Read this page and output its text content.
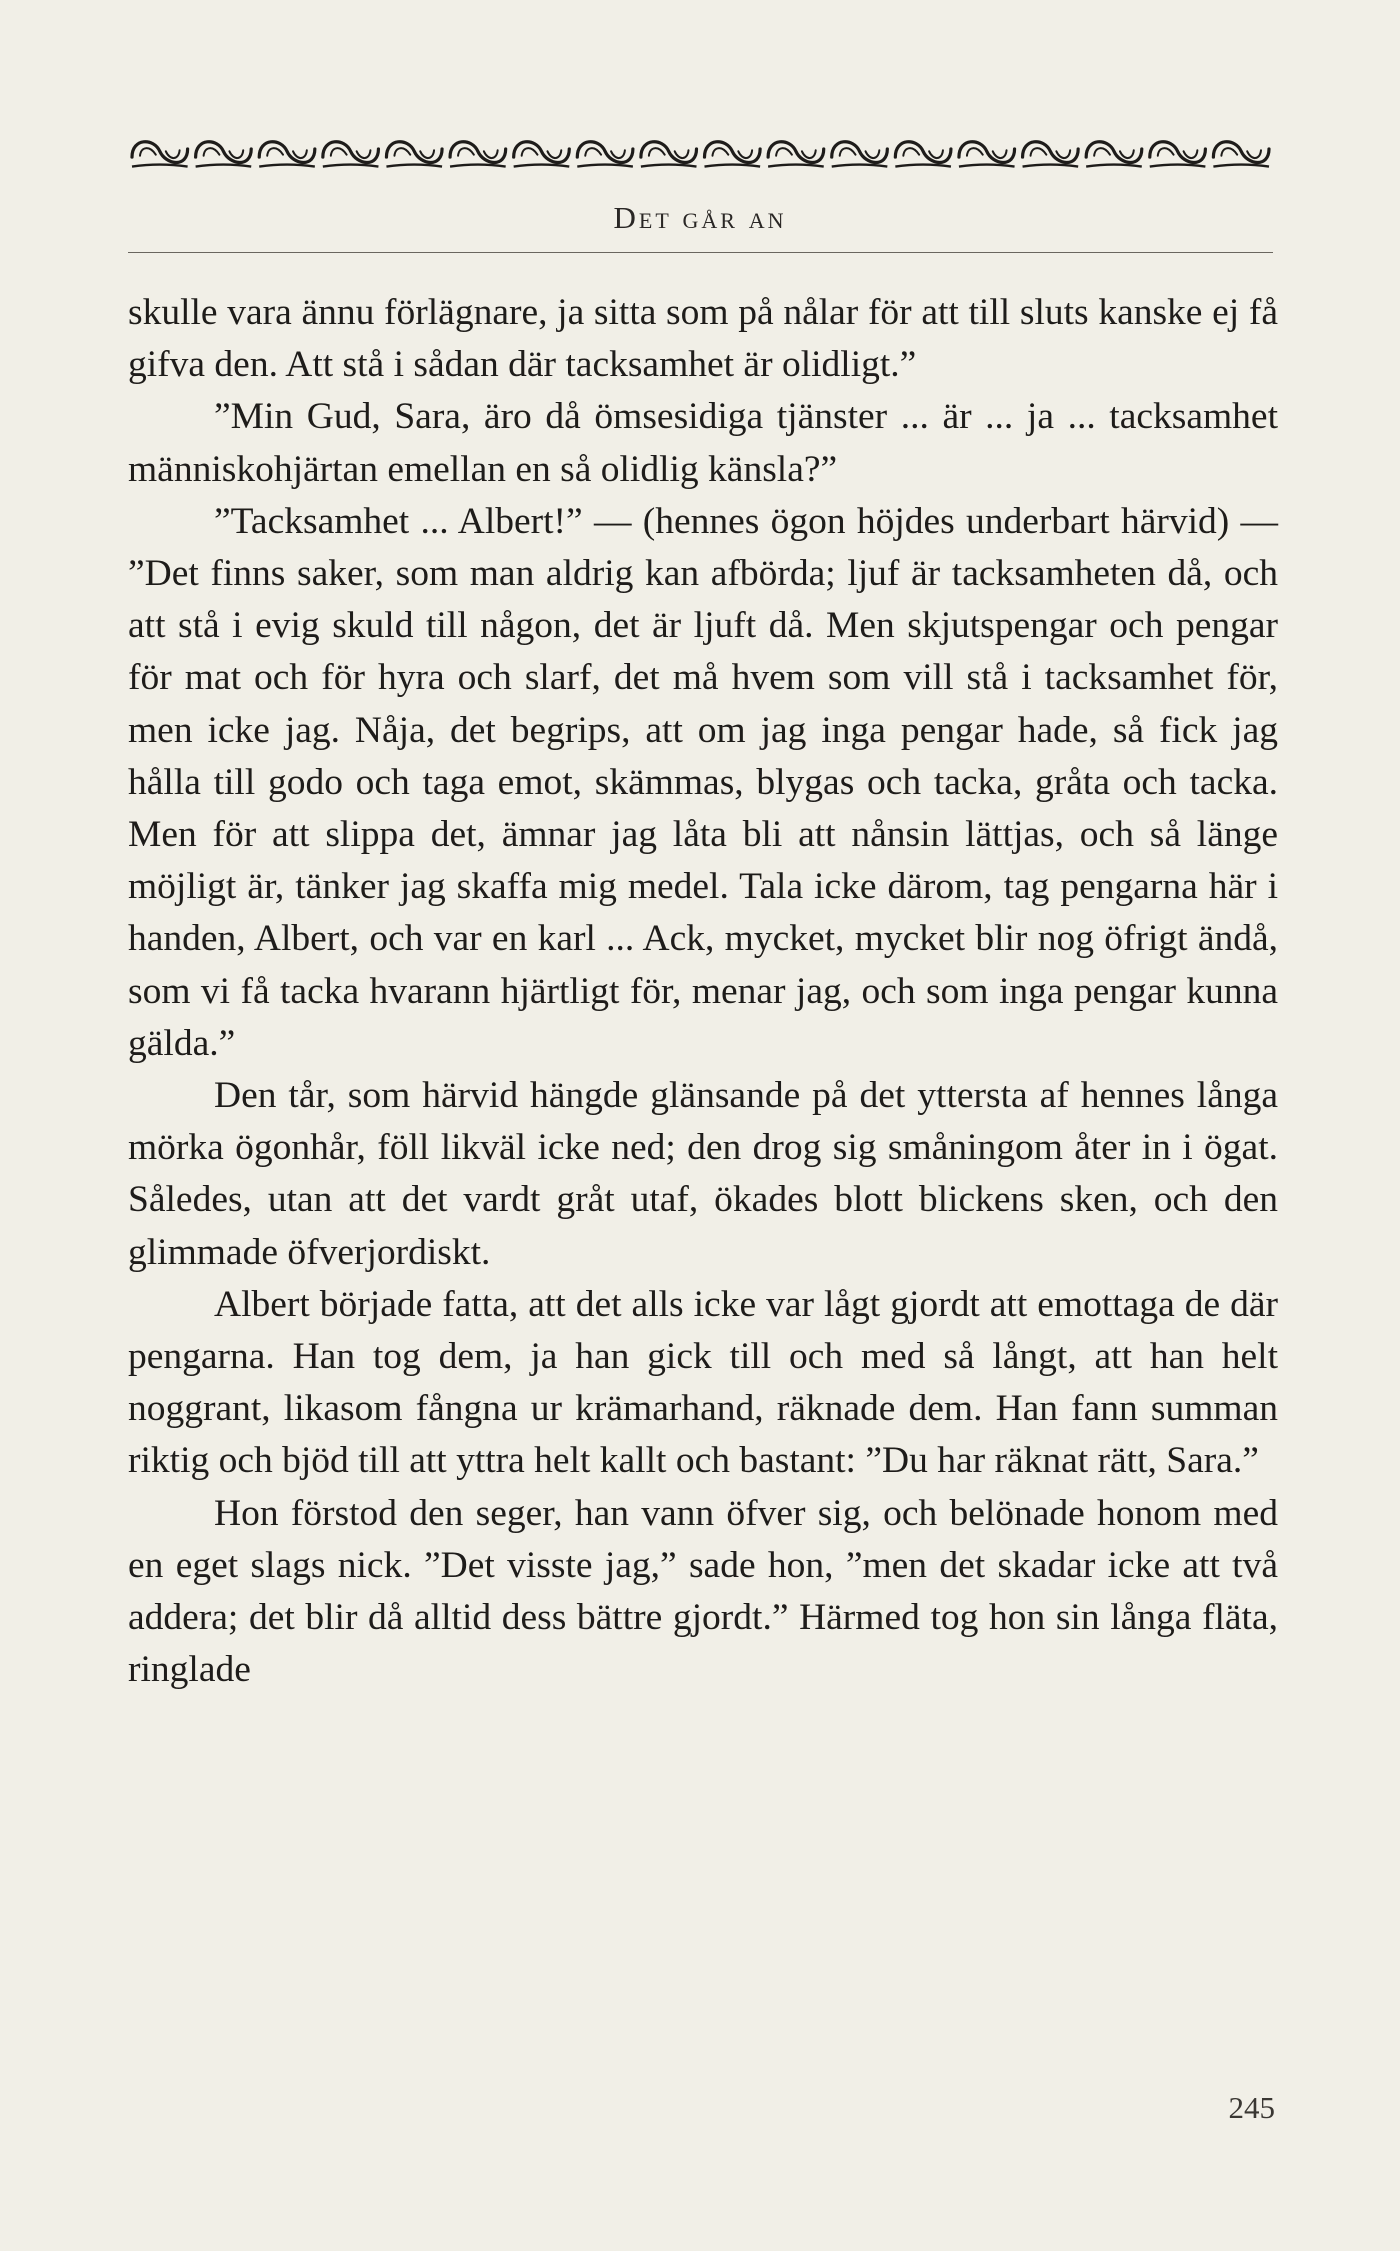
Det går an

skulle vara ännu förlägnare, ja sitta som på nålar för att till sluts kanske ej få gifva den. Att stå i sådan där tacksamhet är olidligt.”

”Min Gud, Sara, äro då ömsesidiga tjänster ... är ... ja ... tacksamhet människohjärtan emellan en så olidlig känsla?”

”Tacksamhet ... Albert!” — (hennes ögon höjdes underbart härvid) — ”Det finns saker, som man aldrig kan afbörda; ljuf är tacksamheten då, och att stå i evig skuld till någon, det är ljuft då. Men skjutspengar och pengar för mat och för hyra och slarf, det må hvem som vill stå i tacksamhet för, men icke jag. Nåja, det begrips, att om jag inga pengar hade, så fick jag hålla till godo och taga emot, skämmas, blygas och tacka, gråta och tacka. Men för att slippa det, ämnar jag låta bli att nånsin lättjas, och så länge möjligt är, tänker jag skaffa mig medel. Tala icke därom, tag pengarna här i handen, Albert, och var en karl ... Ack, mycket, mycket blir nog öfrigt ändå, som vi få tacka hvarann hjärtligt för, menar jag, och som inga pengar kunna gälda.”

Den tår, som härvid hängde glänsande på det yttersta af hennes långa mörka ögonhår, föll likväl icke ned; den drog sig småningom åter in i ögat. Således, utan att det vardt gråt utaf, ökades blott blickens sken, och den glimmade öfverjordiskt.

Albert började fatta, att det alls icke var lågt gjordt att emottaga de där pengarna. Han tog dem, ja han gick till och med så långt, att han helt noggrant, likasom fångna ur krämarhand, räknade dem. Han fann summan riktig och bjöd till att yttra helt kallt och bastant: ”Du har räknat rätt, Sara.”

Hon förstod den seger, han vann öfver sig, och belönade honom med en eget slags nick. ”Det visste jag,” sade hon, ”men det skadar icke att två addera; det blir då alltid dess bättre gjordt.” Härmed tog hon sin långa fläta, ringlade

245
